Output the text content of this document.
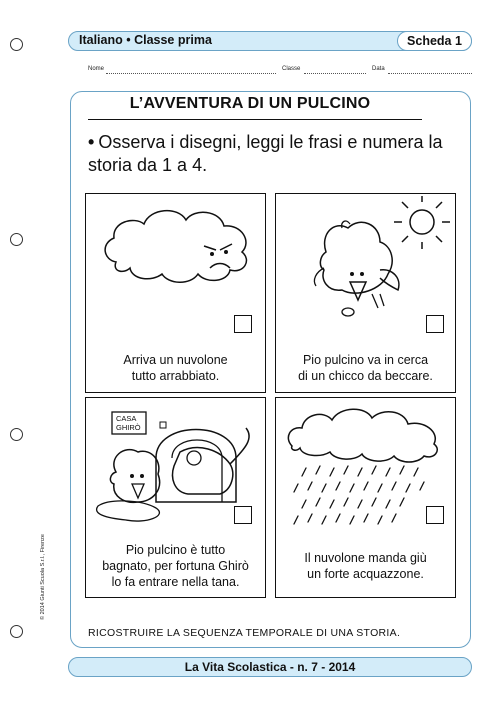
Italiano • Classe prima	Scheda 1
Nome	Classe	Data
L’AVVENTURA DI UN PULCINO
• Osserva i disegni, leggi le frasi e numera la storia da 1 a 4.
Arriva un nuvolone
tutto arrabbiato.
Pio pulcino va in cerca
di un chicco da beccare.
CASA
GHIRÒ
Pio pulcino è tutto
bagnato, per fortuna Ghirò
lo fa entrare nella tana.
Il nuvolone manda giù
un forte acquazzone.
RICOSTRUIRE LA SEQUENZA TEMPORALE DI UNA STORIA.
© 2014 Giunti Scuola S.r.l., Firenze
La Vita Scolastica - n. 7 - 2014
